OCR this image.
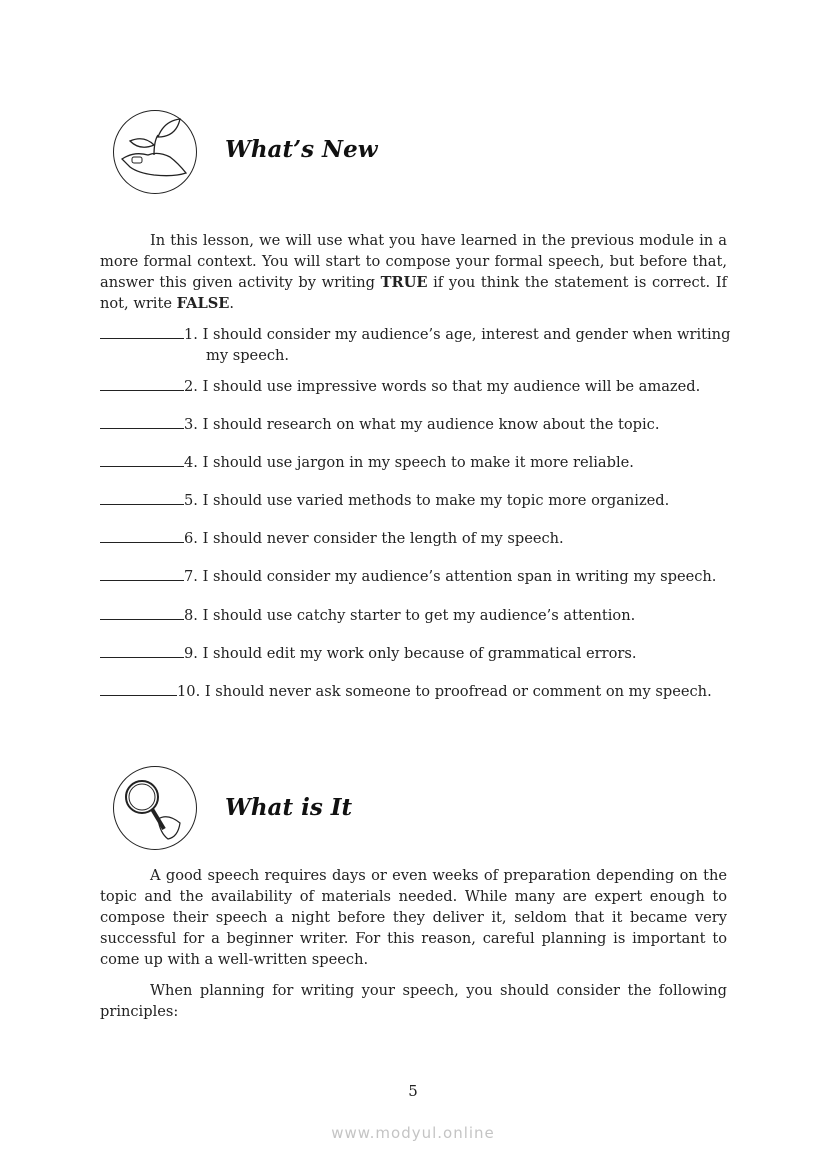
What’s New
In this lesson, we will use what you have learned in the previous module in a more formal context. You will start to compose your formal speech, but before that, answer this given activity by writing TRUE if you think the statement is correct. If not, write FALSE.
1. I should consider my audience’s age, interest and gender when writing
my speech.
2. I should use impressive words so that my audience will be amazed.
3. I should research on what my audience know about the topic.
4. I should use jargon in my speech to make it more reliable.
5. I should use varied methods to make my topic more organized.
6. I should never consider the length of my speech.
7. I should consider my audience’s attention span in writing my speech.
8. I should use catchy starter to get my audience’s attention.
9. I should edit my work only because of grammatical errors.
10. I should never ask someone to proofread or comment on my speech.
What is It
A good speech requires days or even weeks of preparation depending on the topic and the availability of materials needed. While many are expert enough to compose their speech a night before they deliver it, seldom that it became very successful for a beginner writer. For this reason, careful planning is important to come up with a well-written speech.
When planning for writing your speech, you should consider the following principles:
5
www.modyul.online
